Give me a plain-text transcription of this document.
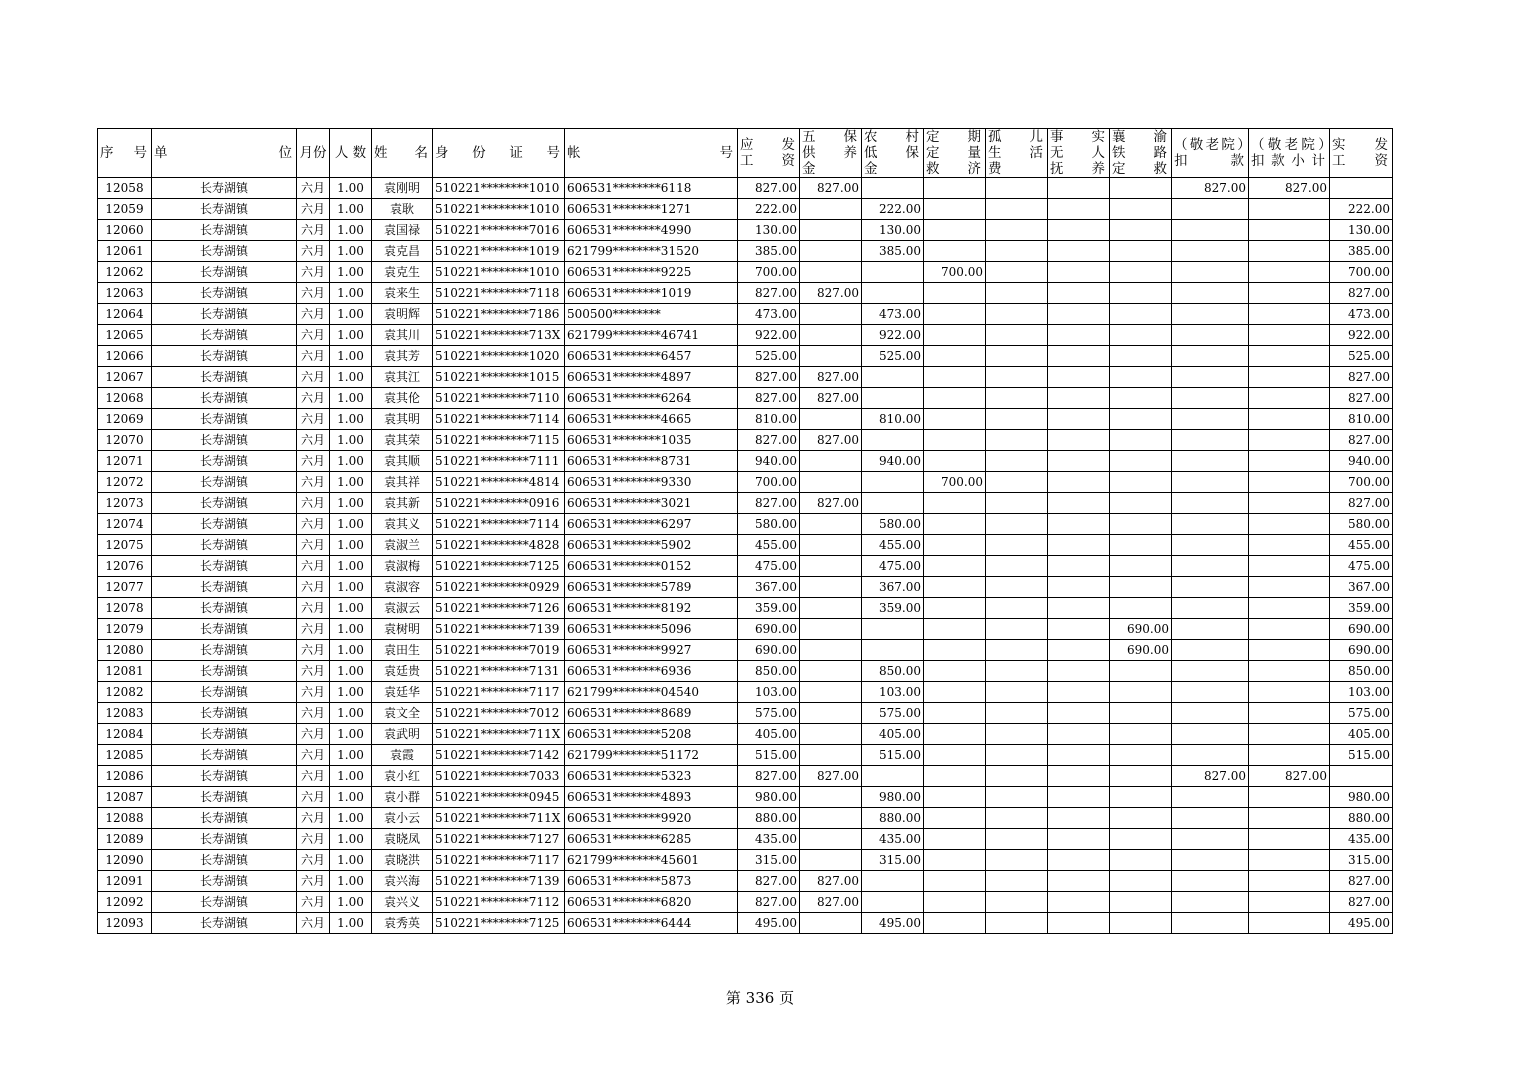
序　号	单　　位	月份	人 数	姓　名	身　份　证　号	帐　　号	应 发 工 资	五 保 供 养 金	农 村 低 保 金	定 期 定 量 救 济	孤 儿 生 活 费	事 实 无 人 抚 养	襄 渝 铁 路 定 救	（敬老院）扣　款	（敬老院）扣款小计	实 发 工 资
12058	长寿湖镇	六月	1.00	袁刚明	510221********1010	606531********6118	827.00	827.00						827.00	827.00	
12059	长寿湖镇	六月	1.00	袁耿	510221********1010	606531********1271	222.00		222.00							222.00
12060	长寿湖镇	六月	1.00	袁国禄	510221********7016	606531********4990	130.00		130.00							130.00
12061	长寿湖镇	六月	1.00	袁克昌	510221********1019	621799********31520	385.00		385.00							385.00
12062	长寿湖镇	六月	1.00	袁克生	510221********1010	606531********9225	700.00			700.00						700.00
12063	长寿湖镇	六月	1.00	袁来生	510221********7118	606531********1019	827.00	827.00								827.00
12064	长寿湖镇	六月	1.00	袁明辉	510221********7186	500500********	473.00		473.00							473.00
12065	长寿湖镇	六月	1.00	袁其川	510221********713X	621799********46741	922.00		922.00							922.00
12066	长寿湖镇	六月	1.00	袁其芳	510221********1020	606531********6457	525.00		525.00							525.00
12067	长寿湖镇	六月	1.00	袁其江	510221********1015	606531********4897	827.00	827.00								827.00
12068	长寿湖镇	六月	1.00	袁其伦	510221********7110	606531********6264	827.00	827.00								827.00
12069	长寿湖镇	六月	1.00	袁其明	510221********7114	606531********4665	810.00		810.00							810.00
12070	长寿湖镇	六月	1.00	袁其荣	510221********7115	606531********1035	827.00	827.00								827.00
12071	长寿湖镇	六月	1.00	袁其顺	510221********7111	606531********8731	940.00		940.00							940.00
12072	长寿湖镇	六月	1.00	袁其祥	510221********4814	606531********9330	700.00			700.00						700.00
12073	长寿湖镇	六月	1.00	袁其新	510221********0916	606531********3021	827.00	827.00								827.00
12074	长寿湖镇	六月	1.00	袁其义	510221********7114	606531********6297	580.00		580.00							580.00
12075	长寿湖镇	六月	1.00	袁淑兰	510221********4828	606531********5902	455.00		455.00							455.00
12076	长寿湖镇	六月	1.00	袁淑梅	510221********7125	606531********0152	475.00		475.00							475.00
12077	长寿湖镇	六月	1.00	袁淑容	510221********0929	606531********5789	367.00		367.00							367.00
12078	长寿湖镇	六月	1.00	袁淑云	510221********7126	606531********8192	359.00		359.00							359.00
12079	长寿湖镇	六月	1.00	袁树明	510221********7139	606531********5096	690.00						690.00			690.00
12080	长寿湖镇	六月	1.00	袁田生	510221********7019	606531********9927	690.00						690.00			690.00
12081	长寿湖镇	六月	1.00	袁廷贵	510221********7131	606531********6936	850.00		850.00							850.00
12082	长寿湖镇	六月	1.00	袁廷华	510221********7117	621799********04540	103.00		103.00							103.00
12083	长寿湖镇	六月	1.00	袁文全	510221********7012	606531********8689	575.00		575.00							575.00
12084	长寿湖镇	六月	1.00	袁武明	510221********711X	606531********5208	405.00		405.00							405.00
12085	长寿湖镇	六月	1.00	袁霞	510221********7142	621799********51172	515.00		515.00							515.00
12086	长寿湖镇	六月	1.00	袁小红	510221********7033	606531********5323	827.00	827.00						827.00	827.00	
12087	长寿湖镇	六月	1.00	袁小群	510221********0945	606531********4893	980.00		980.00							980.00
12088	长寿湖镇	六月	1.00	袁小云	510221********711X	606531********9920	880.00		880.00							880.00
12089	长寿湖镇	六月	1.00	袁晓凤	510221********7127	606531********6285	435.00		435.00							435.00
12090	长寿湖镇	六月	1.00	袁晓洪	510221********7117	621799********45601	315.00		315.00							315.00
12091	长寿湖镇	六月	1.00	袁兴海	510221********7139	606531********5873	827.00	827.00								827.00
12092	长寿湖镇	六月	1.00	袁兴义	510221********7112	606531********6820	827.00	827.00								827.00
12093	长寿湖镇	六月	1.00	袁秀英	510221********7125	606531********6444	495.00		495.00							495.00
第 336 页
